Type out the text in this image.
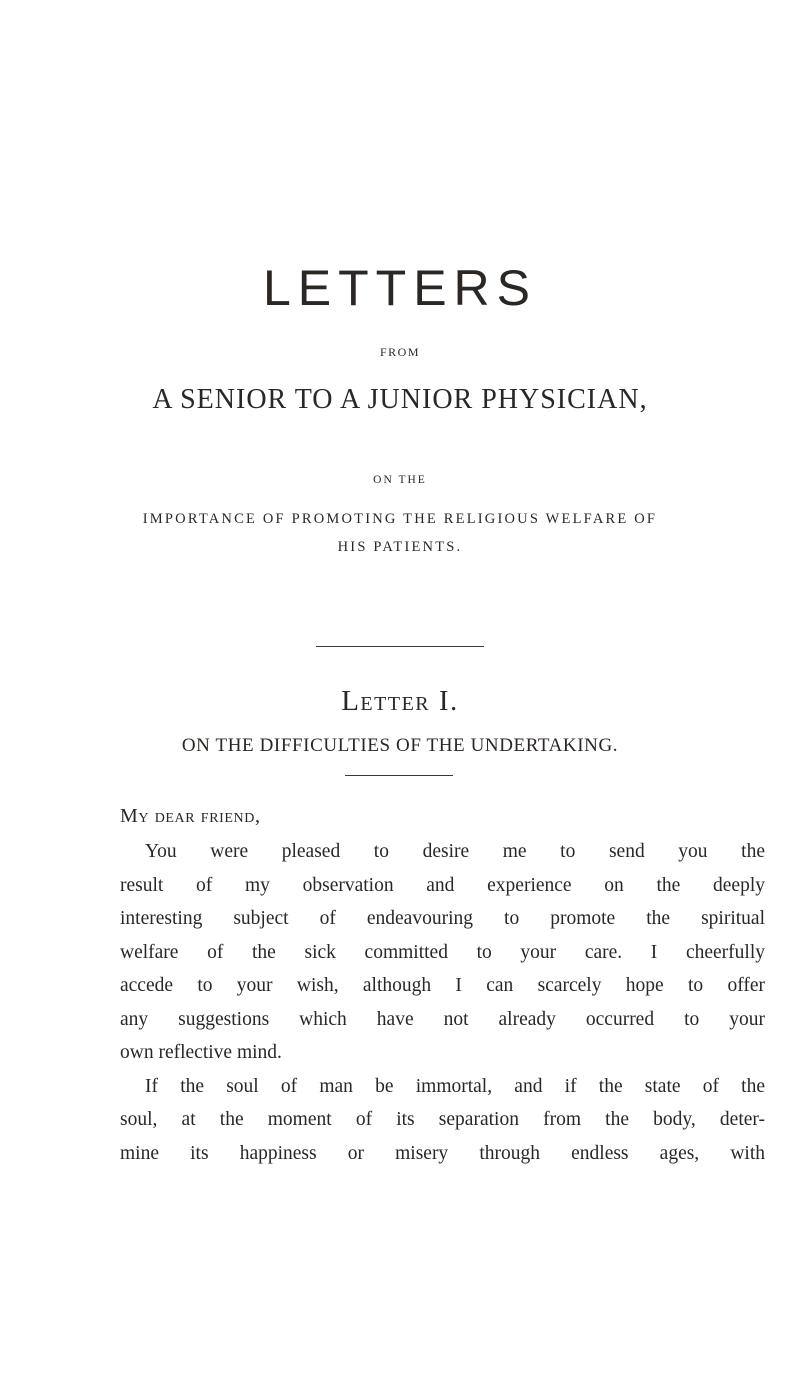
LETTERS
FROM
A SENIOR TO A JUNIOR PHYSICIAN,
ON THE
IMPORTANCE OF PROMOTING THE RELIGIOUS WELFARE OF
HIS PATIENTS.
Letter I.
ON THE DIFFICULTIES OF THE UNDERTAKING.
My dear friend,
You were pleased to desire me to send you the
result of my observation and experience on the deeply
interesting subject of endeavouring to promote the spiritual
welfare of the sick committed to your care. I cheerfully
accede to your wish, although I can scarcely hope to offer
any suggestions which have not already occurred to your
own reflective mind.
If the soul of man be immortal, and if the state of the
soul, at the moment of its separation from the body, deter-
mine its happiness or misery through endless ages, with
